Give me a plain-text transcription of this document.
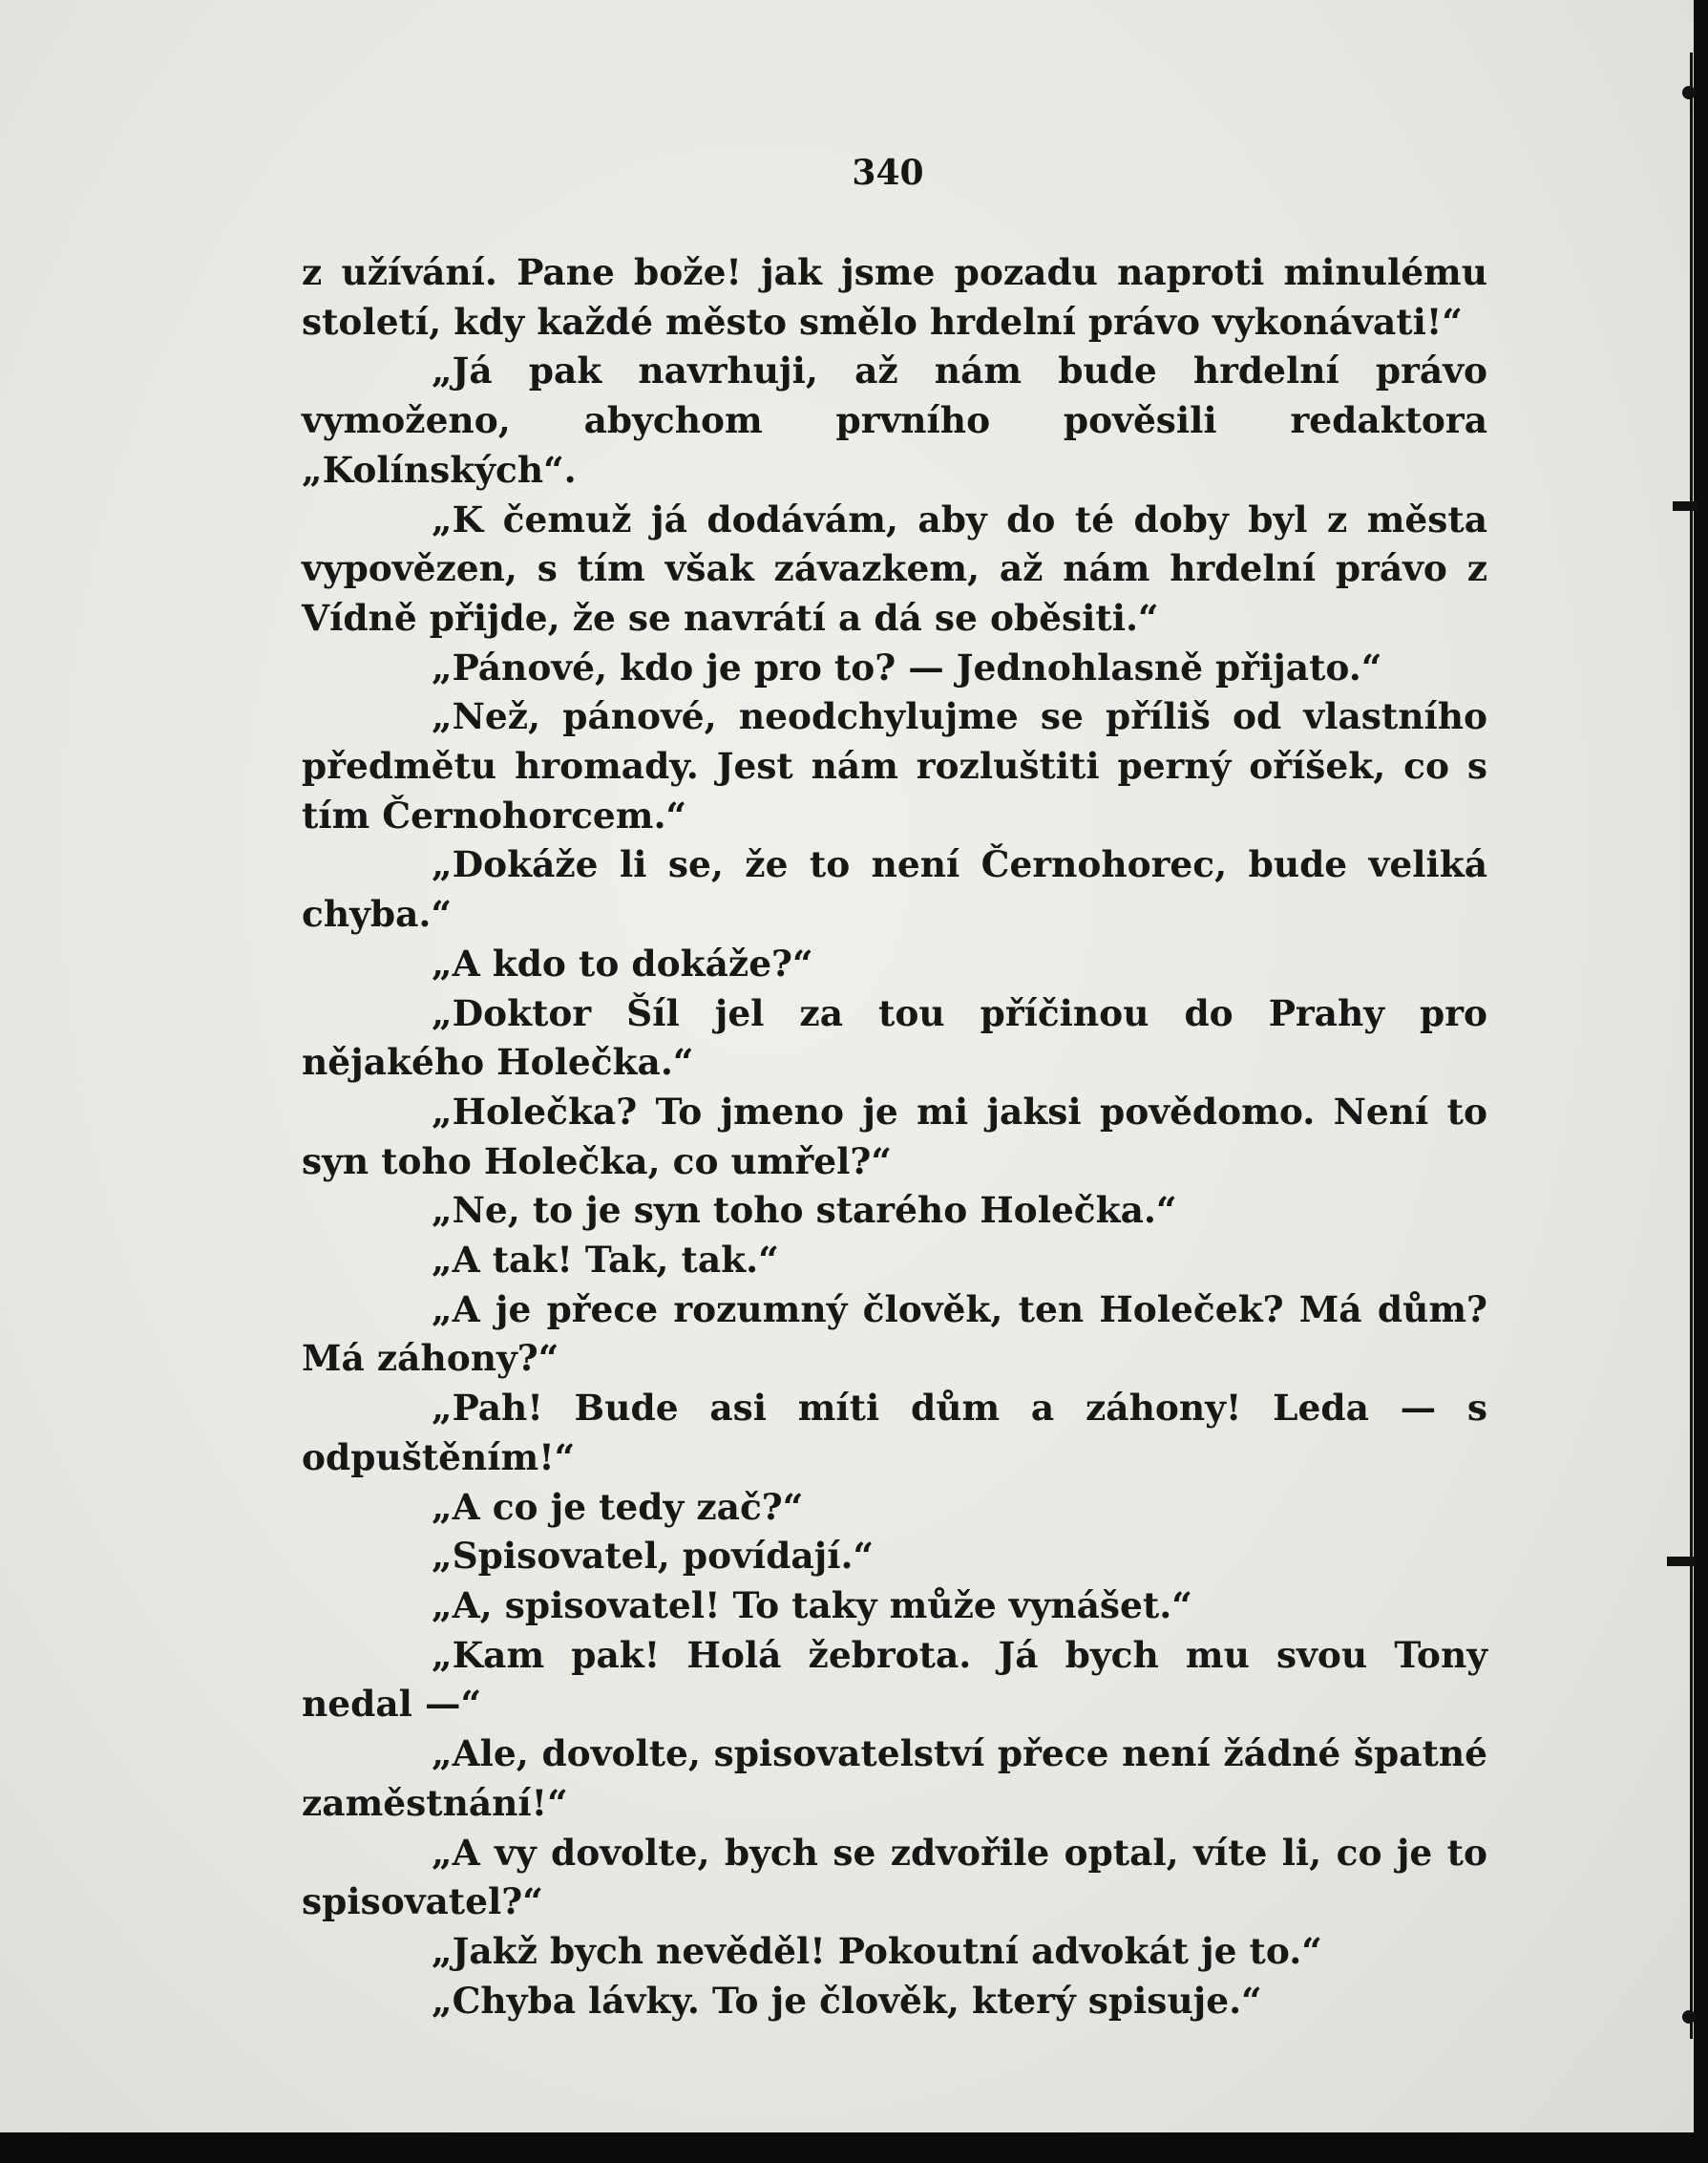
340

z užívání. Pane bože! jak jsme pozadu naproti minulému století, kdy každé město smělo hrdelní právo vykonávati!“

„Já pak navrhuji, až nám bude hrdelní právo vymoženo, abychom prvního pověsili redaktora „Kolínských“.

„K čemuž já dodávám, aby do té doby byl z města vypovězen, s tím však závazkem, až nám hrdelní právo z Vídně přijde, že se navrátí a dá se oběsiti.“

„Pánové, kdo je pro to? — Jednohlasně přijato.“

„Než, pánové, neodchylujme se příliš od vlastního předmětu hromady. Jest nám rozluštiti perný oříšek, co s tím Černohorcem.“

„Dokáže li se, že to není Černohorec, bude veliká chyba.“

„A kdo to dokáže?“

„Doktor Šíl jel za tou příčinou do Prahy pro nějakého Holečka.“

„Holečka? To jmeno je mi jaksi povědomo. Není to syn toho Holečka, co umřel?“

„Ne, to je syn toho starého Holečka.“

„A tak! Tak, tak.“

„A je přece rozumný člověk, ten Holeček? Má dům? Má záhony?“

„Pah! Bude asi míti dům a záhony! Leda — s odpuštěním!“

„A co je tedy zač?“

„Spisovatel, povídají.“

„A, spisovatel! To taky může vynášet.“

„Kam pak! Holá žebrota. Já bych mu svou Tony nedal —“

„Ale, dovolte, spisovatelství přece není žádné špatné zaměstnání!“

„A vy dovolte, bych se zdvořile optal, víte li, co je to spisovatel?“

„Jakž bych nevěděl! Pokoutní advokát je to.“

„Chyba lávky. To je člověk, který spisuje.“
